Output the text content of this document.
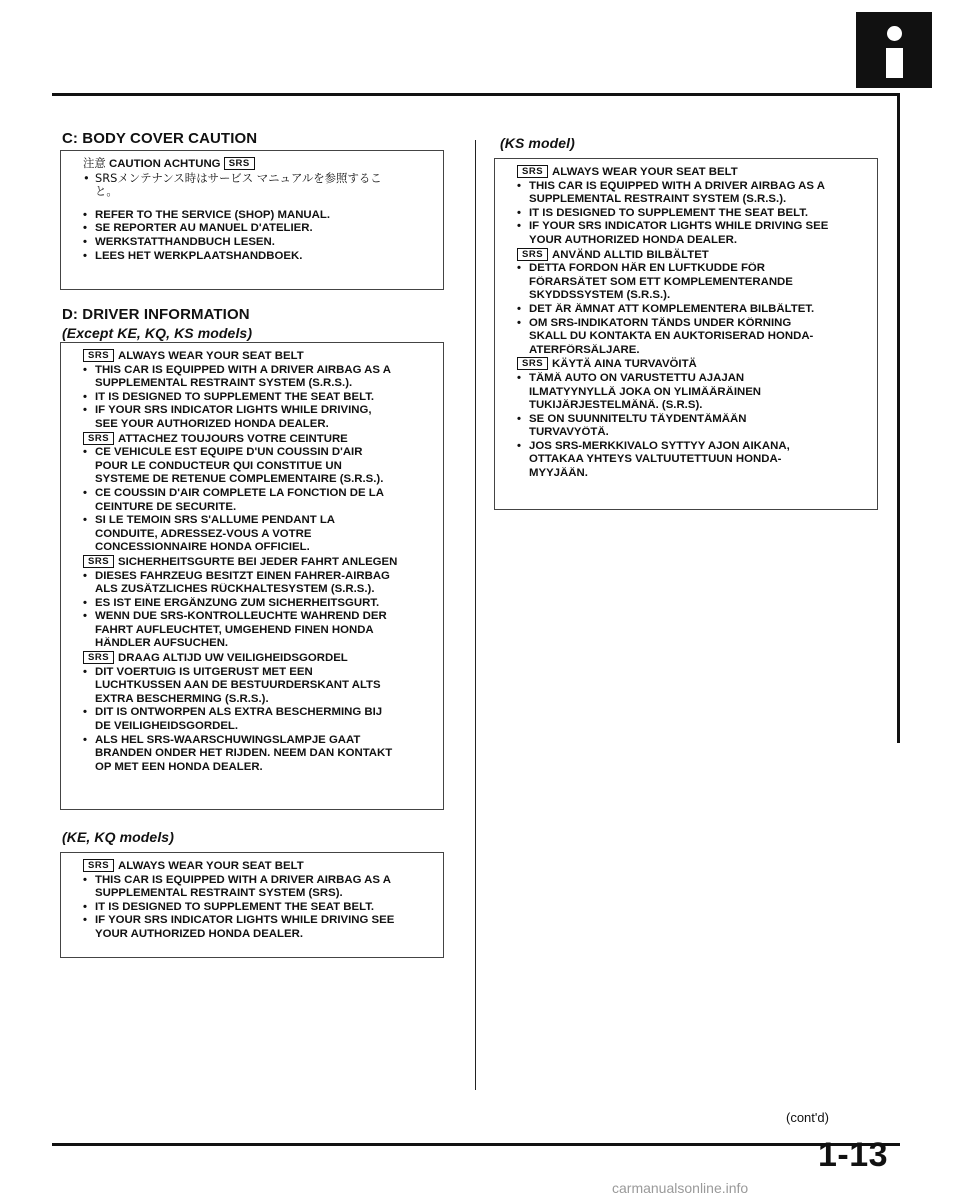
C: BODY COVER CAUTION
注意 CAUTION ACHTUNG SRS
• SRSメンテナンス時はサービス マニュアルを参照するこ
と。
• REFER TO THE SERVICE (SHOP) MANUAL.
• SE REPORTER AU MANUEL D'ATELIER.
• WERKSTATTHANDBUCH LESEN.
• LEES HET WERKPLAATSHANDBOEK.
D: DRIVER INFORMATION
(Except KE, KQ, KS models)
SRS ALWAYS WEAR YOUR SEAT BELT
• THIS CAR IS EQUIPPED WITH A DRIVER AIRBAG AS A
SUPPLEMENTAL RESTRAINT SYSTEM (S.R.S.).
• IT IS DESIGNED TO SUPPLEMENT THE SEAT BELT.
• IF YOUR SRS INDICATOR LIGHTS WHILE DRIVING,
SEE YOUR AUTHORIZED HONDA DEALER.
SRS ATTACHEZ TOUJOURS VOTRE CEINTURE
• CE VEHICULE EST EQUIPE D'UN COUSSIN D'AIR
POUR LE CONDUCTEUR QUI CONSTITUE UN
SYSTEME DE RETENUE COMPLEMENTAIRE (S.R.S.).
• CE COUSSIN D'AIR COMPLETE LA FONCTION DE LA
CEINTURE DE SECURITE.
• SI LE TEMOIN SRS S'ALLUME PENDANT LA
CONDUITE, ADRESSEZ-VOUS A VOTRE
CONCESSIONNAIRE HONDA OFFICIEL.
SRS SICHERHEITSGURTE BEI JEDER FAHRT ANLEGEN
• DIESES FAHRZEUG BESITZT EINEN FAHRER-AIRBAG
ALS ZUSÄTZLICHES RÜCKHALTESYSTEM (S.R.S.).
• ES IST EINE ERGÄNZUNG ZUM SICHERHEITSGURT.
• WENN DUE SRS-KONTROLLEUCHTE WAHREND DER
FAHRT AUFLEUCHTET, UMGEHEND FINEN HONDA
HÄNDLER AUFSUCHEN.
SRS DRAAG ALTIJD UW VEILIGHEIDSGORDEL
• DIT VOERTUIG IS UITGERUST MET EEN
LUCHTKUSSEN AAN DE BESTUURDERSKANT ALTS
EXTRA BESCHERMING (S.R.S.).
• DIT IS ONTWORPEN ALS EXTRA BESCHERMING BIJ
DE VEILIGHEIDSGORDEL.
• ALS HEL SRS-WAARSCHUWINGSLAMPJE GAAT
BRANDEN ONDER HET RIJDEN. NEEM DAN KONTAKT
OP MET EEN HONDA DEALER.
(KE, KQ models)
SRS ALWAYS WEAR YOUR SEAT BELT
• THIS CAR IS EQUIPPED WITH A DRIVER AIRBAG AS A
SUPPLEMENTAL RESTRAINT SYSTEM (SRS).
• IT IS DESIGNED TO SUPPLEMENT THE SEAT BELT.
• IF YOUR SRS INDICATOR LIGHTS WHILE DRIVING SEE
YOUR AUTHORIZED HONDA DEALER.
(KS model)
SRS ALWAYS WEAR YOUR SEAT BELT
• THIS CAR IS EQUIPPED WITH A DRIVER AIRBAG AS A
SUPPLEMENTAL RESTRAINT SYSTEM (S.R.S.).
• IT IS DESIGNED TO SUPPLEMENT THE SEAT BELT.
• IF YOUR SRS INDICATOR LIGHTS WHILE DRIVING SEE
YOUR AUTHORIZED HONDA DEALER.
SRS ANVÄND ALLTID BILBÄLTET
• DETTA FORDON HÄR EN LUFTKUDDE FÖR
FÖRARSÄTET SOM ETT KOMPLEMENTERANDE
SKYDDSSYSTEM (S.R.S.).
• DET ÄR ÄMNAT ATT KOMPLEMENTERA BILBÄLTET.
• OM SRS-INDIKATORN TÄNDS UNDER KÖRNING
SKALL DU KONTAKTA EN AUKTORISERAD HONDA-
ATERFÖRSÄLJARE.
SRS KÄYTÄ AINA TURVAVÖITÄ
• TÄMÄ AUTO ON VARUSTETTU AJAJAN
ILMATYYNYLLÄ JOKA ON YLIMÄÄRÄINEN
TUKIJÄRJESTELMÄNÄ. (S.R.S).
• SE ON SUUNNITELTU TÄYDENTÄMÄÄN
TURVAVYÖTÄ.
• JOS SRS-MERKKIVALO SYTTYY AJON AIKANA,
OTTAKAA YHTEYS VALTUUTETTUUN HONDA-
MYYJÄÄN.
(cont'd)
1-13
carmanualsonline.info
